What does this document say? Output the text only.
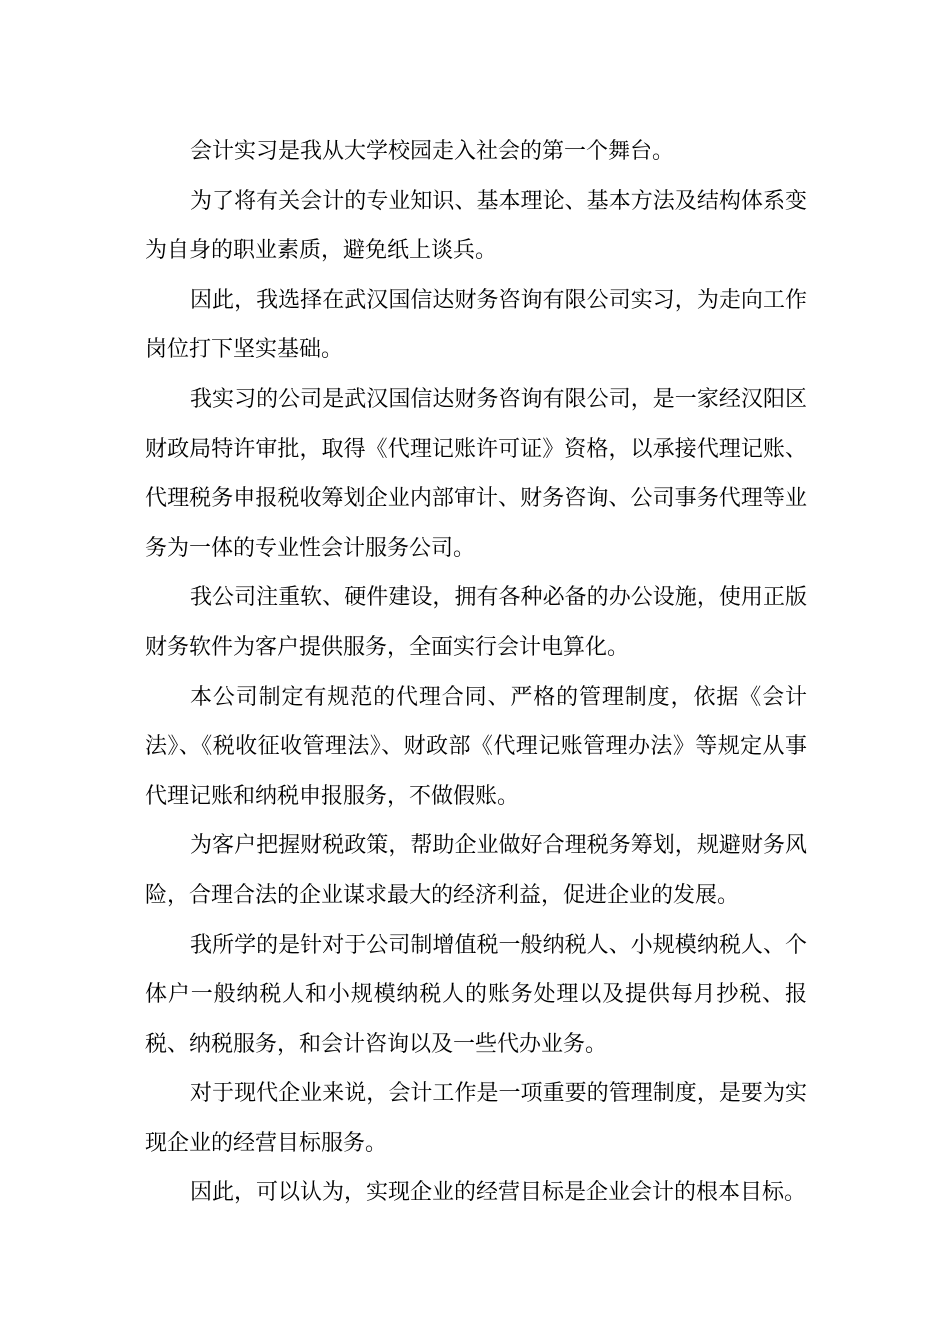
会计实习是我从大学校园走入社会的第一个舞台。

为了将有关会计的专业知识、基本理论、基本方法及结构体系变为自身的职业素质，避免纸上谈兵。

因此，我选择在武汉国信达财务咨询有限公司实习，为走向工作岗位打下坚实基础。

我实习的公司是武汉国信达财务咨询有限公司，是一家经汉阳区财政局特许审批，取得《代理记账许可证》资格，以承接代理记账、代理税务申报税收筹划企业内部审计、财务咨询、公司事务代理等业务为一体的专业性会计服务公司。

我公司注重软、硬件建设，拥有各种必备的办公设施，使用正版财务软件为客户提供服务，全面实行会计电算化。

本公司制定有规范的代理合同、严格的管理制度，依据《会计法》、《税收征收管理法》、财政部《代理记账管理办法》等规定从事代理记账和纳税申报服务，不做假账。

为客户把握财税政策，帮助企业做好合理税务筹划，规避财务风险，合理合法的企业谋求最大的经济利益，促进企业的发展。

我所学的是针对于公司制增值税一般纳税人、小规模纳税人、个体户一般纳税人和小规模纳税人的账务处理以及提供每月抄税、报税、纳税服务，和会计咨询以及一些代办业务。

对于现代企业来说，会计工作是一项重要的管理制度，是要为实现企业的经营目标服务。

因此，可以认为，实现企业的经营目标是企业会计的根本目标。
